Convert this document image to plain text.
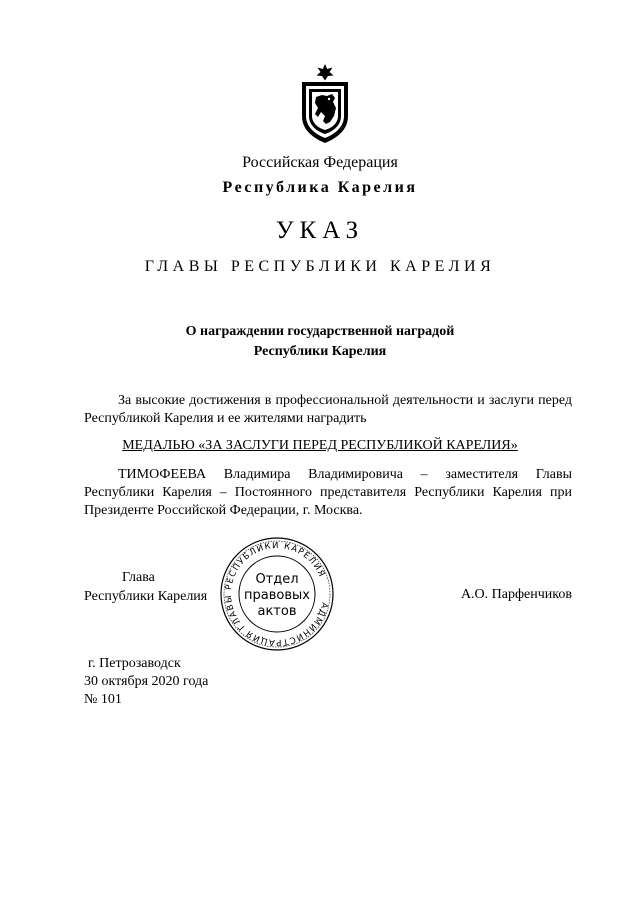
Российская Федерация
Республика Карелия
УКАЗ
ГЛАВЫ РЕСПУБЛИКИ КАРЕЛИЯ
О награждении государственной наградой
Республики Карелия
За высокие достижения в профессиональной деятельности и заслуги перед Республикой Карелия и ее жителями наградить
МЕДАЛЬЮ «ЗА ЗАСЛУГИ ПЕРЕД РЕСПУБЛИКОЙ КАРЕЛИЯ»
ТИМОФЕЕВА Владимира Владимировича – заместителя Главы Республики Карелия – Постоянного представителя Республики Карелия при Президенте Российской Федерации, г. Москва.
Глава
Республики Карелия
АДМИНИСТРАЦИЯ ГЛАВЫ РЕСПУБЛИКИ КАРЕЛИЯ
Отдел
правовых
актов
А.О. Парфенчиков
г. Петрозаводск
30 октября 2020 года
№ 101
